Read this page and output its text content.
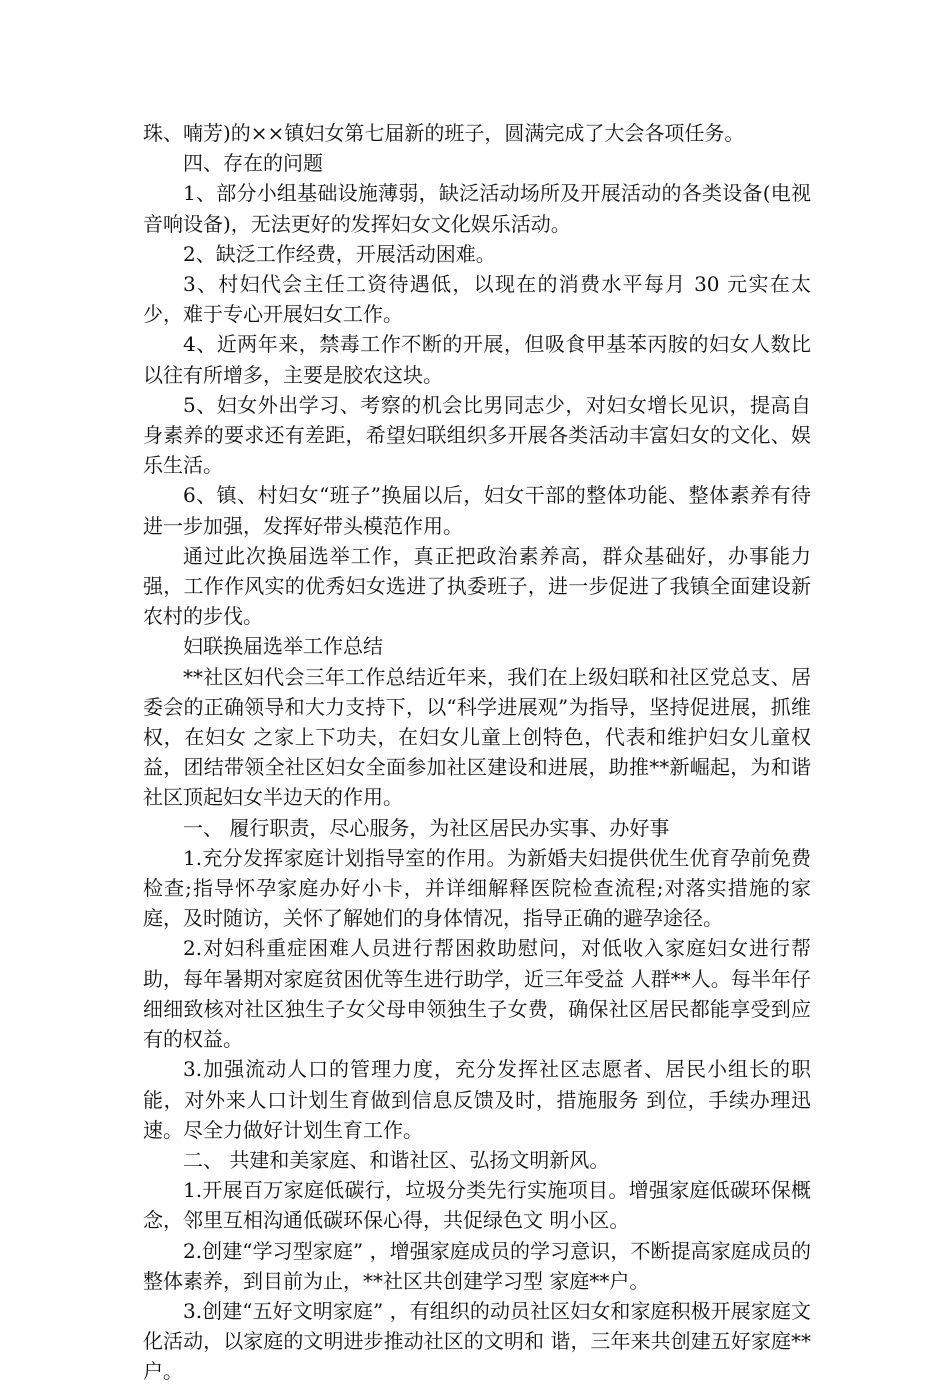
珠、喃芳)的××镇妇女第七届新的班子，圆满完成了大会各项任务。

四、存在的问题

1、部分小组基础设施薄弱，缺泛活动场所及开展活动的各类设备(电视音响设备)，无法更好的发挥妇女文化娱乐活动。

2、缺泛工作经费，开展活动困难。

3、村妇代会主任工资待遇低，以现在的消费水平每月 30 元实在太少，难于专心开展妇女工作。

4、近两年来，禁毒工作不断的开展，但吸食甲基苯丙胺的妇女人数比以往有所增多，主要是胶农这块。

5、妇女外出学习、考察的机会比男同志少，对妇女增长见识，提高自身素养的要求还有差距，希望妇联组织多开展各类活动丰富妇女的文化、娱乐生活。

6、镇、村妇女“班子”换届以后，妇女干部的整体功能、整体素养有待进一步加强，发挥好带头模范作用。

通过此次换届选举工作，真正把政治素养高，群众基础好，办事能力强，工作作风实的优秀妇女选进了执委班子，进一步促进了我镇全面建设新农村的步伐。

妇联换届选举工作总结

**社区妇代会三年工作总结近年来，我们在上级妇联和社区党总支、居委会的正确领导和大力支持下，以“科学进展观”为指导，坚持促进展，抓维权，在妇女 之家上下功夫，在妇女儿童上创特色，代表和维护妇女儿童权益，团结带领全社区妇女全面参加社区建设和进展，助推**新崛起，为和谐 社区顶起妇女半边天的作用。

一、 履行职责，尽心服务，为社区居民办实事、办好事

1.充分发挥家庭计划指导室的作用。为新婚夫妇提供优生优育孕前免费检查;指导怀孕家庭办好小卡，并详细解释医院检查流程;对落实措施的家庭，及时随访，关怀了解她们的身体情况，指导正确的避孕途径。

2.对妇科重症困难人员进行帮困救助慰问，对低收入家庭妇女进行帮助，每年暑期对家庭贫困优等生进行助学，近三年受益 人群**人。每半年仔细细致核对社区独生子女父母申领独生子女费，确保社区居民都能享受到应有的权益。

3.加强流动人口的管理力度，充分发挥社区志愿者、居民小组长的职能，对外来人口计划生育做到信息反馈及时，措施服务 到位，手续办理迅速。尽全力做好计划生育工作。

二、 共建和美家庭、和谐社区、弘扬文明新风。

1.开展百万家庭低碳行，垃圾分类先行实施项目。增强家庭低碳环保概念，邻里互相沟通低碳环保心得，共促绿色文 明小区。

2.创建“学习型家庭” ，增强家庭成员的学习意识，不断提高家庭成员的整体素养，到目前为止，**社区共创建学习型 家庭**户。

3.创建“五好文明家庭” ，有组织的动员社区妇女和家庭积极开展家庭文化活动，以家庭的文明进步推动社区的文明和 谐，三年来共创建五好家庭**户。
